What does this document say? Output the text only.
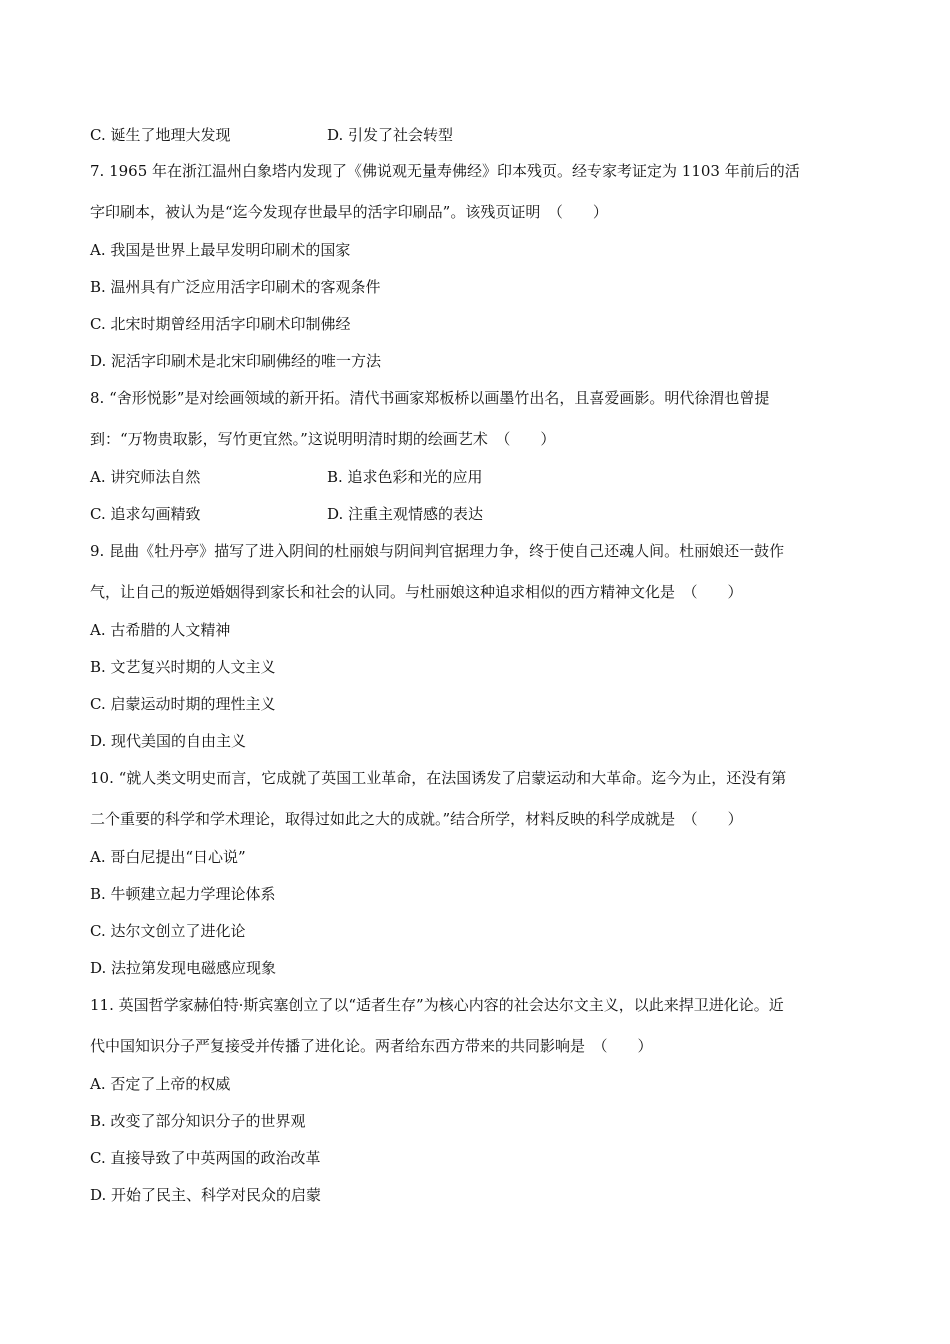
C. 诞生了地理大发现	D. 引发了社会转型
7. 1965 年在浙江温州白象塔内发现了《佛说观无量寿佛经》印本残页。经专家考证定为 1103 年前后的活
字印刷本，被认为是“迄今发现存世最早的活字印刷品”。该残页证明　（　　）
A. 我国是世界上最早发明印刷术的国家
B. 温州具有广泛应用活字印刷术的客观条件
C. 北宋时期曾经用活字印刷术印制佛经
D. 泥活字印刷术是北宋印刷佛经的唯一方法
8. “舍形悦影”是对绘画领域的新开拓。清代书画家郑板桥以画墨竹出名，且喜爱画影。明代徐渭也曾提
到：“万物贵取影，写竹更宜然。”这说明明清时期的绘画艺术　（　　）
A. 讲究师法自然	B. 追求色彩和光的应用
C. 追求勾画精致	D. 注重主观情感的表达
9. 昆曲《牡丹亭》描写了进入阴间的杜丽娘与阴间判官据理力争，终于使自己还魂人间。杜丽娘还一鼓作
气，让自己的叛逆婚姻得到家长和社会的认同。与杜丽娘这种追求相似的西方精神文化是　（　　）
A. 古希腊的人文精神
B. 文艺复兴时期的人文主义
C. 启蒙运动时期的理性主义
D. 现代美国的自由主义
10. “就人类文明史而言，它成就了英国工业革命，在法国诱发了启蒙运动和大革命。迄今为止，还没有第
二个重要的科学和学术理论，取得过如此之大的成就。”结合所学，材料反映的科学成就是　（　　）
A. 哥白尼提出“日心说”
B. 牛顿建立起力学理论体系
C. 达尔文创立了进化论
D. 法拉第发现电磁感应现象
11. 英国哲学家赫伯特·斯宾塞创立了以“适者生存”为核心内容的社会达尔文主义，以此来捍卫进化论。近
代中国知识分子严复接受并传播了进化论。两者给东西方带来的共同影响是　（　　）
A. 否定了上帝的权威
B. 改变了部分知识分子的世界观
C. 直接导致了中英两国的政治改革
D. 开始了民主、科学对民众的启蒙
